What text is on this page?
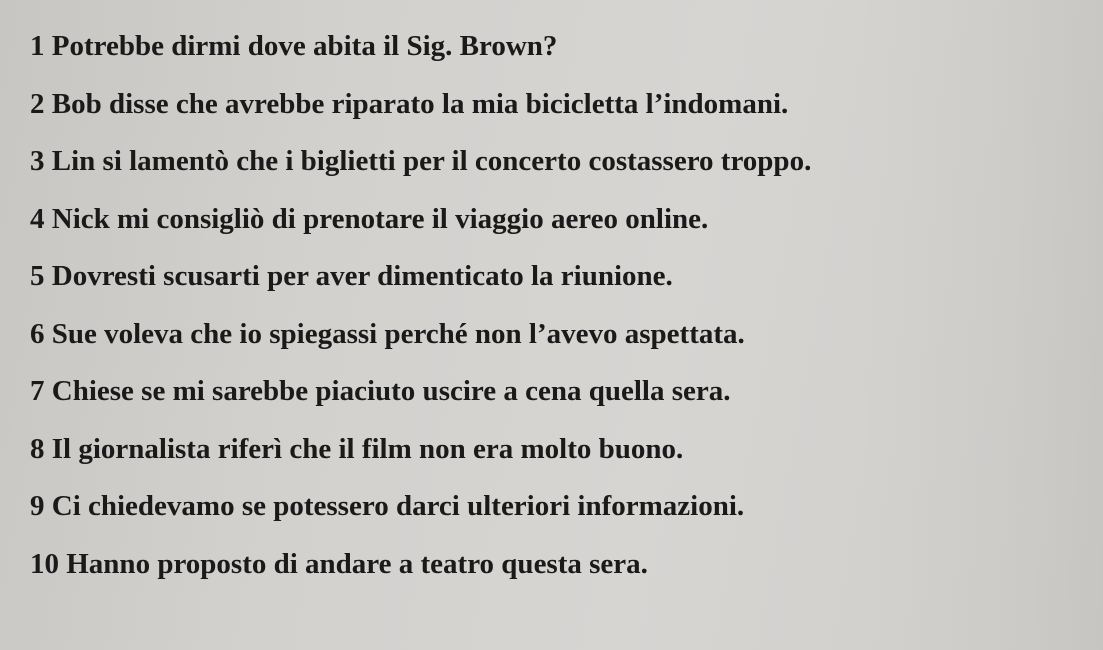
1 Potrebbe dirmi dove abita il Sig. Brown?
2 Bob disse che avrebbe riparato la mia bicicletta l’indomani.
3 Lin si lamentò che i biglietti per il concerto costassero troppo.
4 Nick mi consigliò di prenotare il viaggio aereo online.
5 Dovresti scusarti per aver dimenticato la riunione.
6 Sue voleva che io spiegassi perché non l’avevo aspettata.
7 Chiese se mi sarebbe piaciuto uscire a cena quella sera.
8 Il giornalista riferì che il film non era molto buono.
9 Ci chiedevamo se potessero darci ulteriori informazioni.
10 Hanno proposto di andare a teatro questa sera.
